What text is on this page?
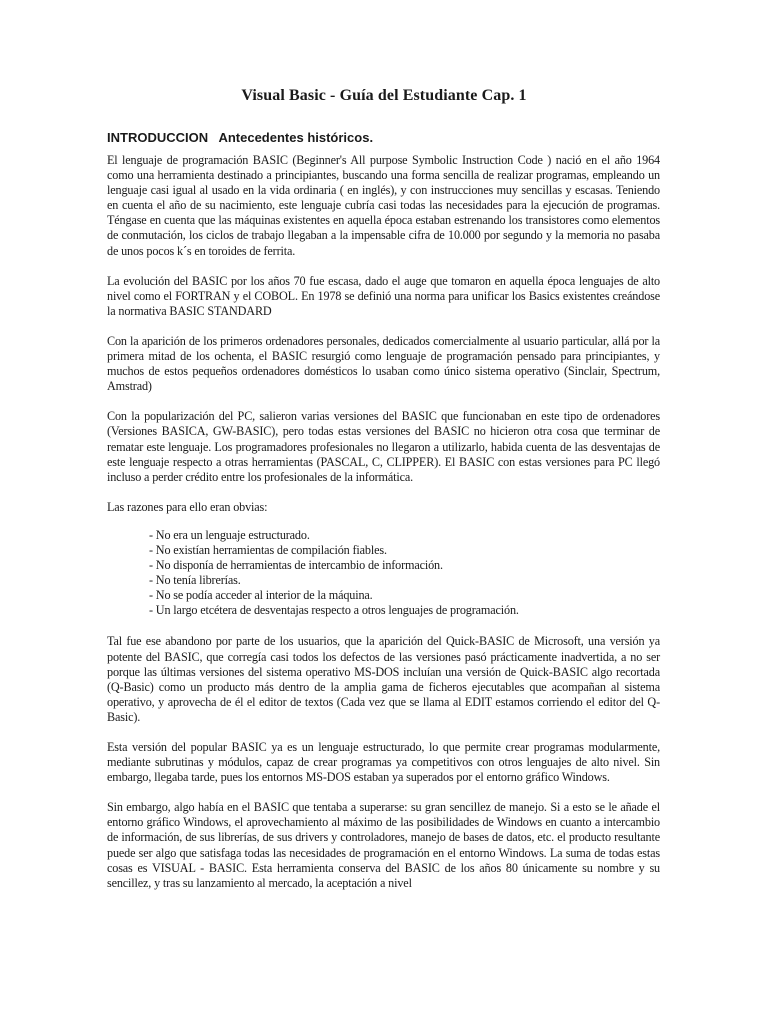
Visual Basic - Guía del Estudiante Cap. 1
INTRODUCCION   Antecedentes históricos.

El lenguaje de programación BASIC (Beginner's All purpose Symbolic Instruction Code ) nació en el año 1964 como una herramienta destinado a principiantes, buscando una forma sencilla de realizar programas, empleando un lenguaje casi igual al usado en la vida ordinaria ( en inglés), y con instrucciones muy sencillas y escasas. Teniendo en cuenta el año de su nacimiento, este lenguaje cubría casi todas las necesidades para la ejecución de programas. Téngase en cuenta que las máquinas existentes en aquella época estaban estrenando los transistores como elementos de conmutación, los ciclos de trabajo llegaban a la impensable cifra de 10.000 por segundo y la memoria no pasaba de unos pocos k´s en toroides de ferrita.

La evolución del BASIC por los años 70 fue escasa, dado el auge que tomaron en aquella época lenguajes de alto nivel como el FORTRAN y el COBOL. En 1978 se definió una norma para unificar los Basics existentes creándose la normativa BASIC STANDARD

Con la aparición de los primeros ordenadores personales, dedicados comercialmente al usuario particular, allá por la primera mitad de los ochenta, el BASIC resurgió como lenguaje de programación pensado para principiantes, y muchos de estos pequeños ordenadores domésticos lo usaban como único sistema operativo (Sinclair, Spectrum, Amstrad)

Con la popularización del PC, salieron varias versiones del BASIC que funcionaban en este tipo de ordenadores (Versiones BASICA, GW-BASIC), pero todas estas versiones del BASIC no hicieron otra cosa que terminar de rematar este lenguaje. Los programadores profesionales no llegaron a utilizarlo, habida cuenta de las desventajas de este lenguaje respecto a otras herramientas (PASCAL, C, CLIPPER). El BASIC con estas versiones para PC llegó incluso a perder crédito entre los profesionales de la informática.

Las razones para ello eran obvias:

- No era un lenguaje estructurado.
- No existían herramientas de compilación fiables.
- No disponía de herramientas de intercambio de información.
- No tenía librerías.
- No se podía acceder al interior de la máquina.
- Un largo etcétera de desventajas respecto a otros lenguajes de programación.

Tal fue ese abandono por parte de los usuarios, que la aparición del Quick-BASIC de Microsoft, una versión ya potente del BASIC, que corregía casi todos los defectos de las versiones pasó prácticamente inadvertida, a no ser porque las últimas versiones del sistema operativo MS-DOS incluían una versión de Quick-BASIC algo recortada (Q-Basic) como un producto más dentro de la amplia gama de ficheros ejecutables que acompañan al sistema operativo, y aprovecha de él el editor de textos (Cada vez que se llama al EDIT estamos corriendo el editor del Q-Basic).

Esta versión del popular BASIC ya es un lenguaje estructurado, lo que permite crear programas modularmente, mediante subrutinas y módulos, capaz de crear programas ya competitivos con otros lenguajes de alto nivel. Sin embargo, llegaba tarde, pues los entornos MS-DOS estaban ya superados por el entorno gráfico Windows.

Sin embargo, algo había en el BASIC que tentaba a superarse: su gran sencillez de manejo. Si a esto se le añade el entorno gráfico Windows, el aprovechamiento al máximo de las posibilidades de Windows en cuanto a intercambio de información, de sus librerías, de sus drivers y controladores, manejo de bases de datos, etc. el producto resultante puede ser algo que satisfaga todas las necesidades de programación en el entorno Windows. La suma de todas estas cosas es VISUAL - BASIC. Esta herramienta conserva del BASIC de los años 80 únicamente su nombre y su sencillez, y tras su lanzamiento al mercado, la aceptación a nivel
